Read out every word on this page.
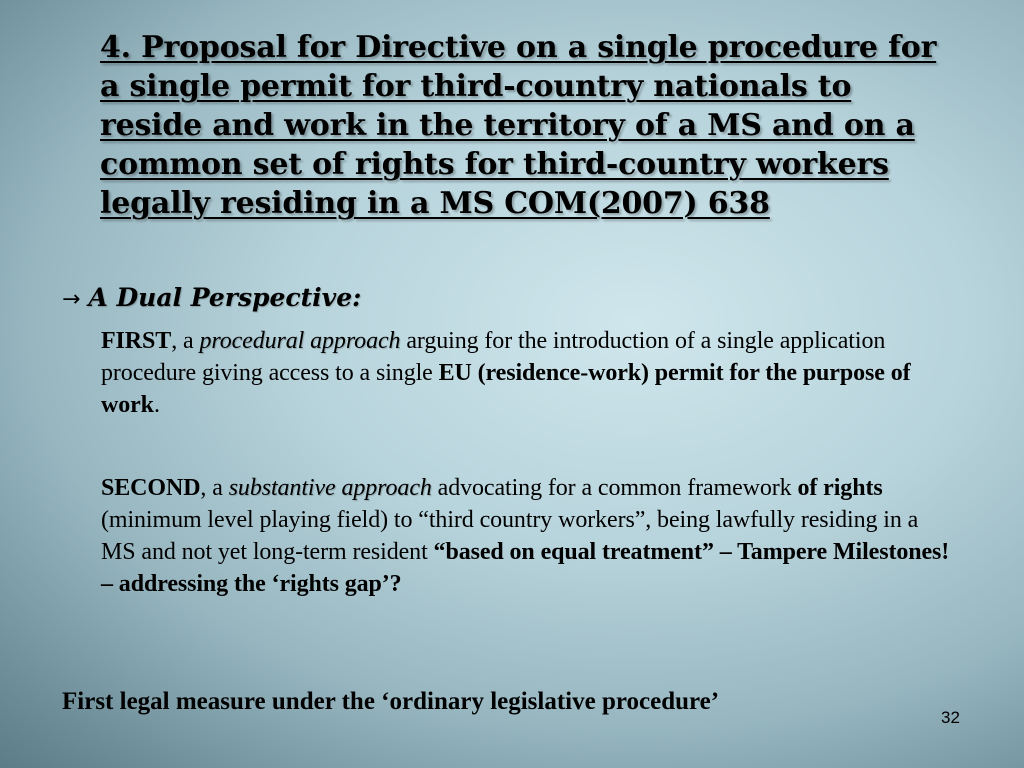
4. Proposal for Directive on a single procedure for a single permit for third-country nationals to reside and work in the territory of a MS and on a common set of rights for third-country workers legally residing in a MS COM(2007) 638
→ A Dual Perspective:
FIRST, a procedural approach arguing for the introduction of a single application procedure giving access to a single EU (residence-work) permit for the purpose of work.
SECOND, a substantive approach advocating for a common framework of rights (minimum level playing field) to “third country workers”, being lawfully residing in a MS and not yet long-term resident “based on equal treatment” – Tampere Milestones! – addressing the ‘rights gap’?
First legal measure under the ‘ordinary legislative procedure’
32
